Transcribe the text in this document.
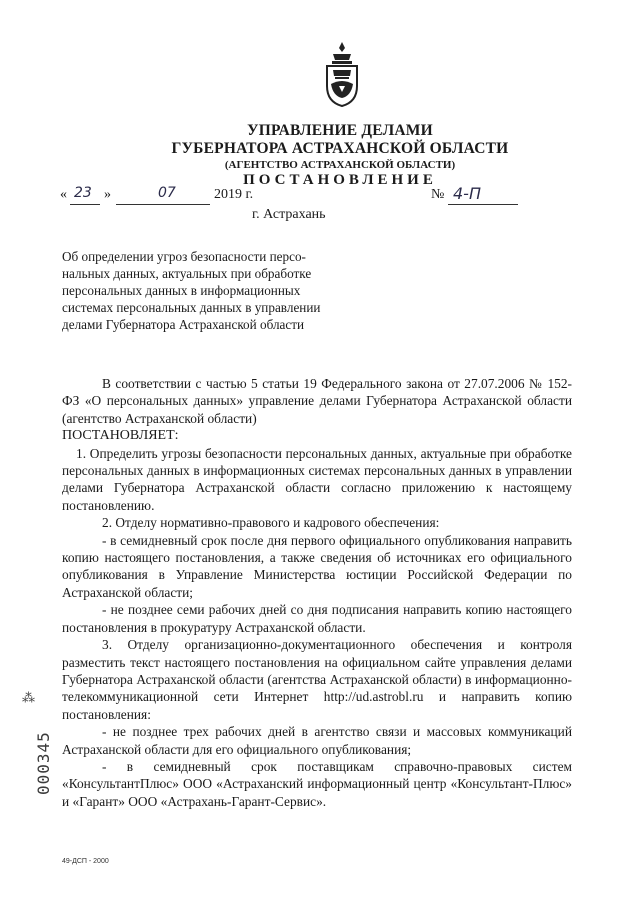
УПРАВЛЕНИЕ ДЕЛАМИ
ГУБЕРНАТОРА АСТРАХАНСКОЙ ОБЛАСТИ
(АГЕНТСТВО АСТРАХАНСКОЙ ОБЛАСТИ)
ПОСТАНОВЛЕНИЕ
« 23 »	07	2019 г.	№ 4-П
г. Астрахань
Об определении угроз безопасности персо-
нальных данных, актуальных при обработке
персональных данных в информационных
системах персональных данных в управлении
делами Губернатора Астраханской области

В соответствии с частью 5 статьи 19 Федерального закона от 27.07.2006 № 152-ФЗ «О персональных данных» управление делами Губернатора Астраханской области (агентство Астраханской области)

ПОСТАНОВЛЯЕТ:

1. Определить угрозы безопасности персональных данных, актуальные при обработке персональных данных в информационных системах персональных данных в управлении делами Губернатора Астраханской области согласно приложению к настоящему постановлению.

2. Отделу нормативно-правового и кадрового обеспечения:

- в семидневный срок после дня первого официального опубликования направить копию настоящего постановления, а также сведения об источниках его официального опубликования в Управление Министерства юстиции Российской Федерации по Астраханской области;

- не позднее семи рабочих дней со дня подписания направить копию настоящего постановления в прокуратуру Астраханской области.

3. Отделу организационно-документационного обеспечения и контроля разместить текст настоящего постановления на официальном сайте управления делами Губернатора Астраханской области (агентства Астраханской области) в информационно-телекоммуникационной сети Интернет http://ud.astrobl.ru и направить копию постановления:

- не позднее трех рабочих дней в агентство связи и массовых коммуникаций Астраханской области для его официального опубликования;

- в семидневный срок поставщикам справочно-правовых систем «КонсультантПлюс» ООО «Астраханский информационный центр «Консультант-Плюс» и «Гарант» ООО «Астрахань-Гарант-Сервис».

⁂
000345
49-ДСП - 2000
